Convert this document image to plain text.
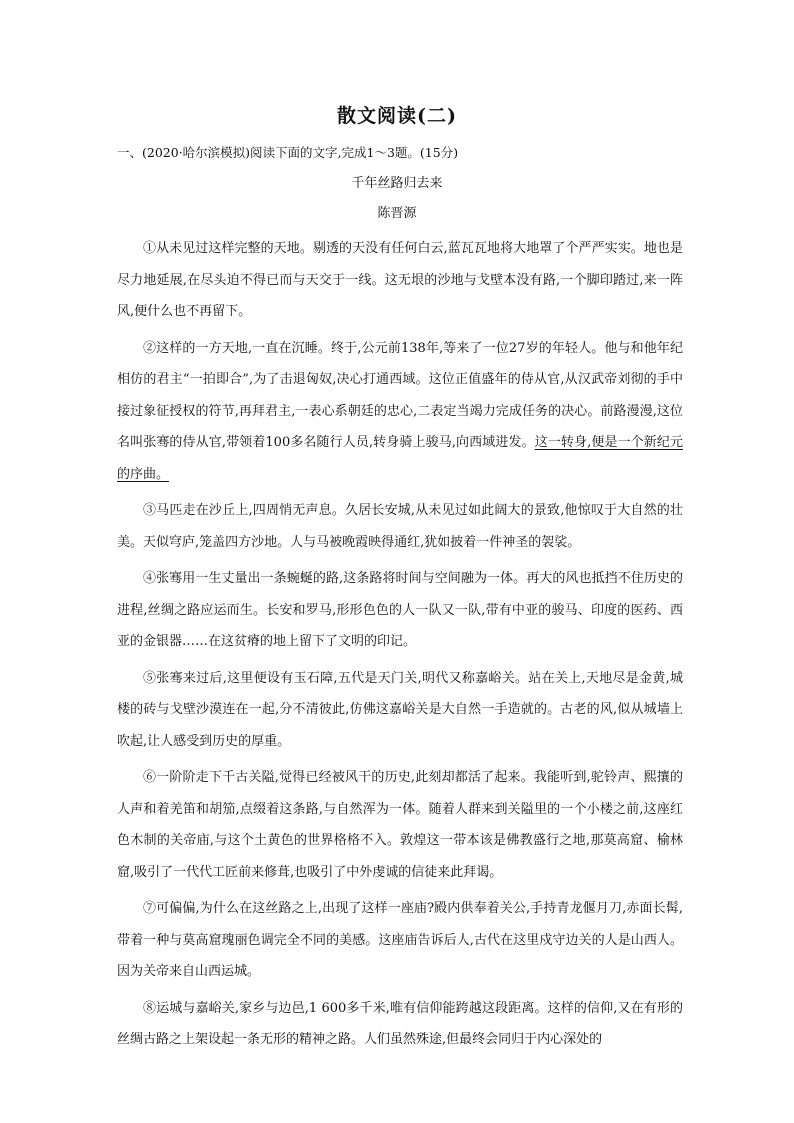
散文阅读(二)
一、(2020·哈尔滨模拟)阅读下面的文字,完成1～3题。(15分)
千年丝路归去来
陈晋源

①从未见过这样完整的天地。剔透的天没有任何白云,蓝瓦瓦地将大地罩了个严严实实。地也是尽力地延展,在尽头迫不得已而与天交于一线。这无垠的沙地与戈壁本没有路,一个脚印踏过,来一阵风,便什么也不再留下。

②这样的一方天地,一直在沉睡。终于,公元前138年,等来了一位27岁的年轻人。他与和他年纪相仿的君主“一拍即合”,为了击退匈奴,决心打通西域。这位正值盛年的侍从官,从汉武帝刘彻的手中接过象征授权的符节,再拜君主,一表心系朝廷的忠心,二表定当竭力完成任务的决心。前路漫漫,这位名叫张骞的侍从官,带领着100多名随行人员,转身骑上骏马,向西域进发。这一转身,便是一个新纪元的序曲。

③马匹走在沙丘上,四周悄无声息。久居长安城,从未见过如此阔大的景致,他惊叹于大自然的壮美。天似穹庐,笼盖四方沙地。人与马被晚霞映得通红,犹如披着一件神圣的袈裟。

④张骞用一生丈量出一条蜿蜒的路,这条路将时间与空间融为一体。再大的风也抵挡不住历史的进程,丝绸之路应运而生。长安和罗马,形形色色的人一队又一队,带有中亚的骏马、印度的医药、西亚的金银器……在这贫瘠的地上留下了文明的印记。

⑤张骞来过后,这里便设有玉石障,五代是天门关,明代又称嘉峪关。站在关上,天地尽是金黄,城楼的砖与戈壁沙漠连在一起,分不清彼此,仿佛这嘉峪关是大自然一手造就的。古老的风,似从城墙上吹起,让人感受到历史的厚重。

⑥一阶阶走下千古关隘,觉得已经被风干的历史,此刻却都活了起来。我能听到,驼铃声、熙攘的人声和着羌笛和胡笳,点缀着这条路,与自然浑为一体。随着人群来到关隘里的一个小楼之前,这座红色木制的关帝庙,与这个土黄色的世界格格不入。敦煌这一带本该是佛教盛行之地,那莫高窟、榆林窟,吸引了一代代工匠前来修葺,也吸引了中外虔诚的信徒来此拜谒。

⑦可偏偏,为什么在这丝路之上,出现了这样一座庙?殿内供奉着关公,手持青龙偃月刀,赤面长髯,带着一种与莫高窟瑰丽色调完全不同的美感。这座庙告诉后人,古代在这里戍守边关的人是山西人。因为关帝来自山西运城。

⑧运城与嘉峪关,家乡与边邑,1 600多千米,唯有信仰能跨越这段距离。这样的信仰,又在有形的丝绸古路之上架设起一条无形的精神之路。人们虽然殊途,但最终会同归于内心深处的
